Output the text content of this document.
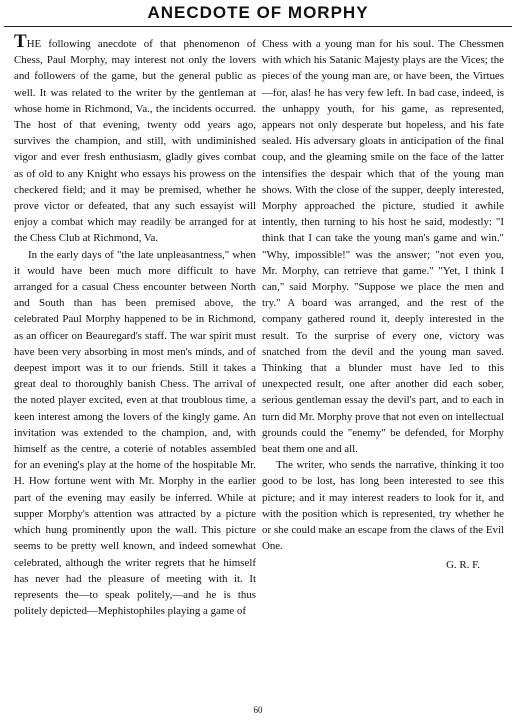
ANECDOTE OF MORPHY

THE following anecdote of that phenomenon of Chess, Paul Morphy, may interest not only the lovers and followers of the game, but the general public as well. It was related to the writer by the gentleman at whose home in Richmond, Va., the incidents occurred. The host of that evening, twenty odd years ago, survives the champion, and still, with undiminished vigor and ever fresh enthusiasm, gladly gives combat as of old to any Knight who essays his prowess on the checkered field; and it may be premised, whether he prove victor or defeated, that any such essayist will enjoy a combat which may readily be arranged for at the Chess Club at Richmond, Va.

In the early days of "the late unpleasantness," when it would have been much more difficult to have arranged for a casual Chess encounter between North and South than has been premised above, the celebrated Paul Morphy happened to be in Richmond, as an officer on Beauregard's staff. The war spirit must have been very absorbing in most men's minds, and of deepest import was it to our friends. Still it takes a great deal to thoroughly banish Chess. The arrival of the noted player excited, even at that troublous time, a keen interest among the lovers of the kingly game. An invitation was extended to the champion, and, with himself as the centre, a coterie of notables assembled for an evening's play at the home of the hospitable Mr. H. How fortune went with Mr. Morphy in the earlier part of the evening may easily be inferred. While at supper Morphy's attention was attracted by a picture which hung prominently upon the wall. This picture seems to be pretty well known, and indeed somewhat celebrated, although the writer regrets that he himself has never had the pleasure of meeting with it. It represents the—to speak politely,—and he is thus politely depicted—Mephistophiles playing a game of

Chess with a young man for his soul. The Chessmen with which his Satanic Majesty plays are the Vices; the pieces of the young man are, or have been, the Virtues—for, alas! he has very few left. In bad case, indeed, is the unhappy youth, for his game, as represented, appears not only desperate but hopeless, and his fate sealed. His adversary gloats in anticipation of the final coup, and the gleaming smile on the face of the latter intensifies the despair which that of the young man shows. With the close of the supper, deeply interested, Morphy approached the picture, studied it awhile intently, then turning to his host he said, modestly: "I think that I can take the young man's game and win." "Why, impossible!" was the answer; "not even you, Mr. Morphy, can retrieve that game." "Yet, I think I can," said Morphy. "Suppose we place the men and try." A board was arranged, and the rest of the company gathered round it, deeply interested in the result. To the surprise of every one, victory was snatched from the devil and the young man saved. Thinking that a blunder must have led to this unexpected result, one after another did each sober, serious gentleman essay the devil's part, and to each in turn did Mr. Morphy prove that not even on intellectual grounds could the "enemy" be defended, for Morphy beat them one and all.

The writer, who sends the narrative, thinking it too good to be lost, has long been interested to see this picture; and it may interest readers to look for it, and with the position which is represented, try whether he or she could make an escape from the claws of the Evil One.

G. R. F.

60
